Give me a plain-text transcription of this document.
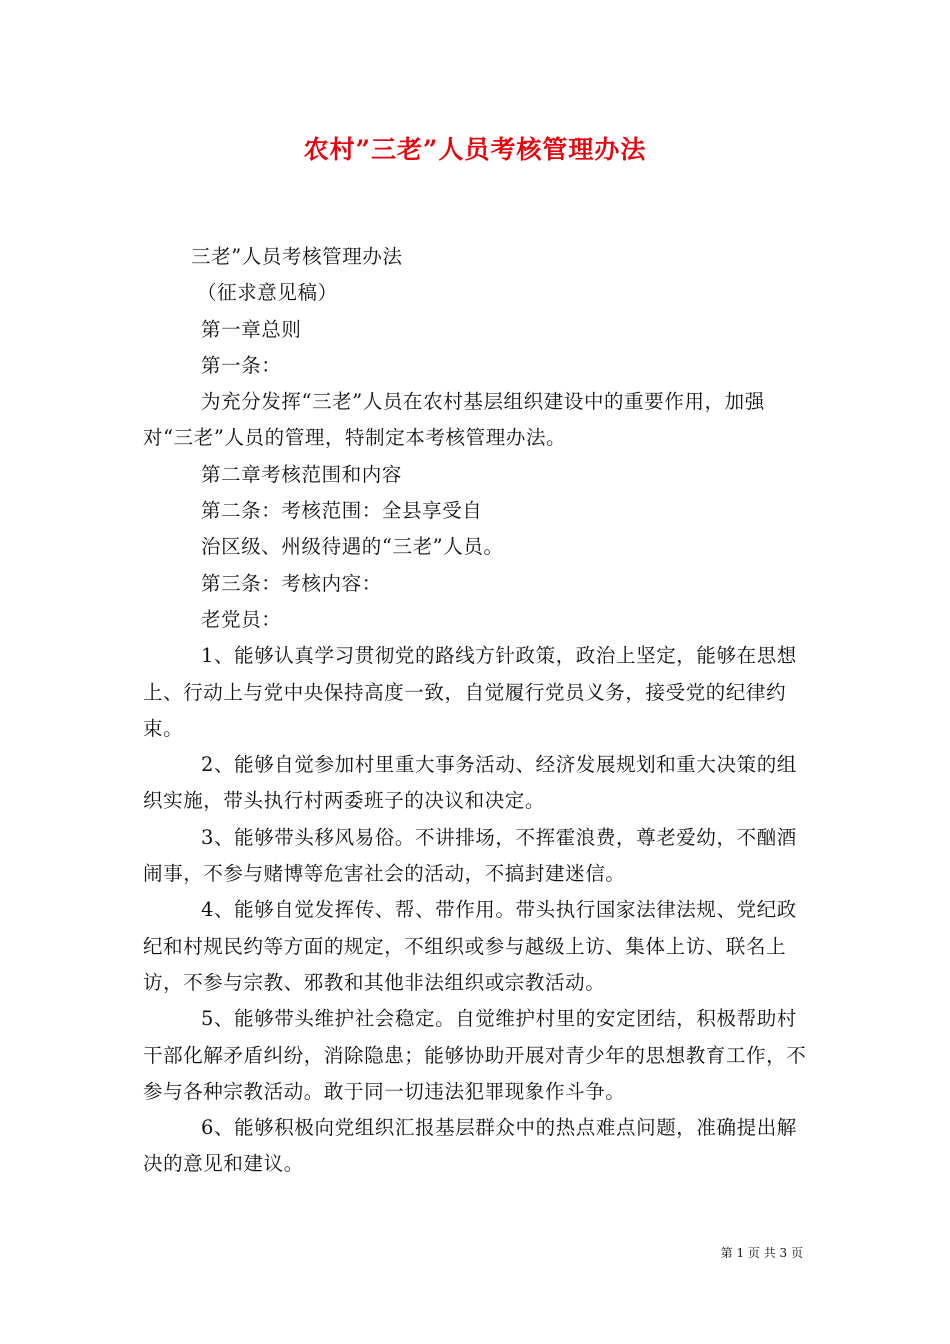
农村”三老”人员考核管理办法

三老”人员考核管理办法

（征求意见稿）

第一章总则

第一条：

为充分发挥“三老”人员在农村基层组织建设中的重要作用，加强对“三老”人员的管理，特制定本考核管理办法。

第二章考核范围和内容

第二条：考核范围：全县享受自

治区级、州级待遇的“三老”人员。

第三条：考核内容：

老党员：

1、能够认真学习贯彻党的路线方针政策，政治上坚定，能够在思想上、行动上与党中央保持高度一致，自觉履行党员义务，接受党的纪律约束。

2、能够自觉参加村里重大事务活动、经济发展规划和重大决策的组织实施，带头执行村两委班子的决议和决定。

3、能够带头移风易俗。不讲排场，不挥霍浪费，尊老爱幼，不酗酒闹事，不参与赌博等危害社会的活动，不搞封建迷信。

4、能够自觉发挥传、帮、带作用。带头执行国家法律法规、党纪政纪和村规民约等方面的规定，不组织或参与越级上访、集体上访、联名上访，不参与宗教、邪教和其他非法组织或宗教活动。

5、能够带头维护社会稳定。自觉维护村里的安定团结，积极帮助村干部化解矛盾纠纷，消除隐患；能够协助开展对青少年的思想教育工作，不参与各种宗教活动。敢于同一切违法犯罪现象作斗争。

6、能够积极向党组织汇报基层群众中的热点难点问题，准确提出解决的意见和建议。

第 1 页 共 3 页
